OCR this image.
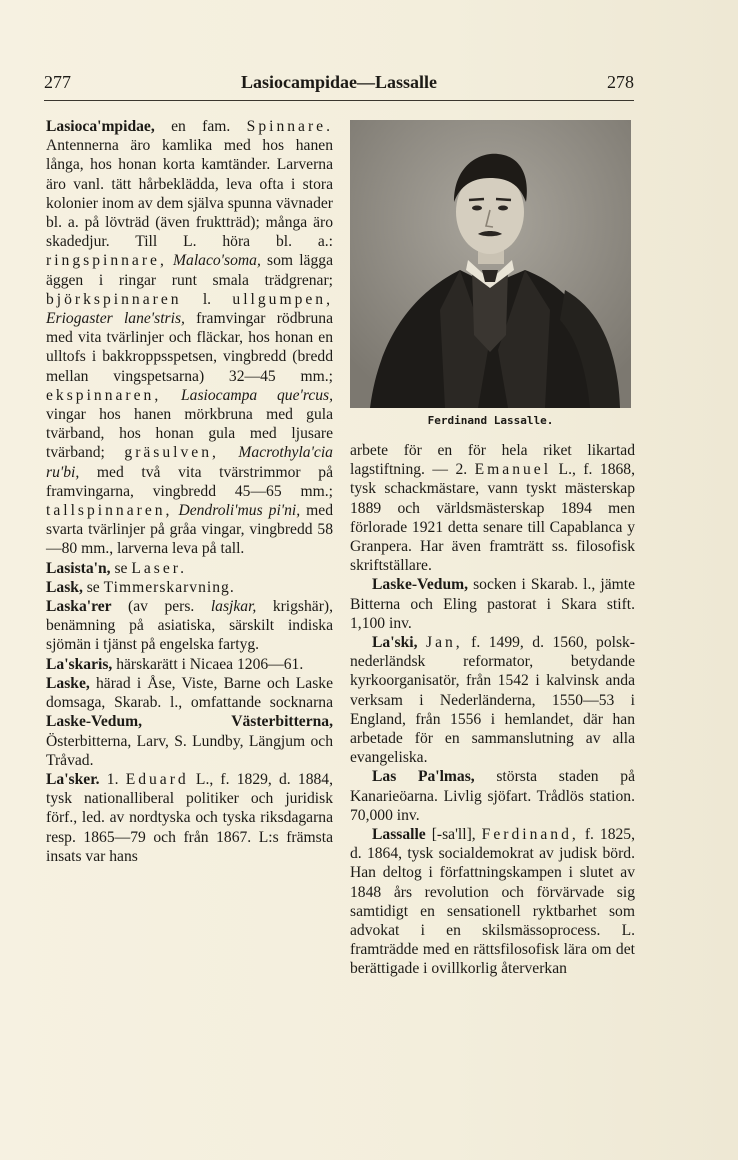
277	Lasiocampidae—Lassalle	278

Lasioca'mpidae, en fam. Spinnare. Antennerna äro kamlika med hos hanen långa, hos honan korta kamtänder. Larverna äro vanl. tätt hårbeklädda, leva ofta i stora kolonier inom av dem själva spunna vävnader bl. a. på lövträd (även fruktträd); många äro skadedjur. Till L. höra bl. a.: ringspinnare, Malaco'soma, som lägga äggen i ringar runt smala trädgrenar; björkspinnaren l. ullgumpen, Eriogaster lane'stris, framvingar rödbruna med vita tvärlinjer och fläckar, hos honan en ulltofs i bakkroppsspetsen, vingbredd (bredd mellan vingspetsarna) 32—45 mm.; ekspinnaren, Lasiocampa que'rcus, vingar hos hanen mörkbruna med gula tvärband, hos honan gula med ljusare tvärband; gräsulven, Macrothyla'cia ru'bi, med två vita tvärstrimmor på framvingarna, vingbredd 45—65 mm.; tallspinnaren, Dendroli'mus pi'ni, med svarta tvärlinjer på gråa vingar, vingbredd 58—80 mm., larverna leva på tall.

Lasista'n, se Laser.

Lask, se Timmerskarvning.

Laska'rer (av pers. lasjkar, krigshär), benämning på asiatiska, särskilt indiska sjömän i tjänst på engelska fartyg.

La'skaris, härskarätt i Nicaea 1206—61.

Laske, härad i Åse, Viste, Barne och Laske domsaga, Skarab. l., omfattande socknarna Laske-Vedum, Västerbitterna, Österbitterna, Larv, S. Lundby, Längjum och Tråvad.

La'sker. 1. Eduard L., f. 1829, d. 1884, tysk nationalliberal politiker och juridisk förf., led. av nordtyska och tyska riksdagarna resp. 1865—79 och från 1867. L:s främsta insats var hans

Ferdinand Lassalle.

arbete för en för hela riket likartad lagstiftning. — 2. Emanuel L., f. 1868, tysk schackmästare, vann tyskt mästerskap 1889 och världsmästerskap 1894 men förlorade 1921 detta senare till Capablanca y Granpera. Har även framträtt ss. filosofisk skriftställare.

Laske-Vedum, socken i Skarab. l., jämte Bitterna och Eling pastorat i Skara stift. 1,100 inv.

La'ski, Jan, f. 1499, d. 1560, polsk-nederländsk reformator, betydande kyrkoorganisatör, från 1542 i kalvinsk anda verksam i Nederländerna, 1550—53 i England, från 1556 i hemlandet, där han arbetade för en sammanslutning av alla evangeliska.

Las Pa'lmas, största staden på Kanarieöarna. Livlig sjöfart. Trådlös station. 70,000 inv.

Lassalle [-sa'll], Ferdinand, f. 1825, d. 1864, tysk socialdemokrat av judisk börd. Han deltog i författningskampen i slutet av 1848 års revolution och förvärvade sig samtidigt en sensationell ryktbarhet som advokat i en skilsmässoprocess. L. framträdde med en rättsfilosofisk lära om det berättigade i ovillkorlig återverkan
